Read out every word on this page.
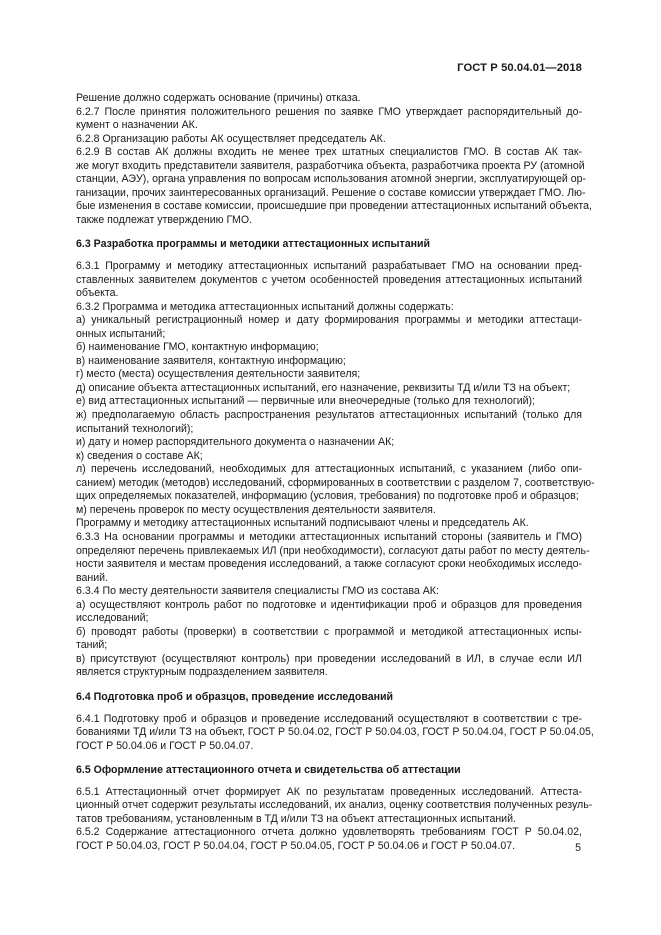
ГОСТ Р 50.04.01—2018
Решение должно содержать основание (причины) отказа.
6.2.7 После принятия положительного решения по заявке ГМО утверждает распорядительный до-
кумент о назначении АК.
6.2.8 Организацию работы АК осуществляет председатель АК.
6.2.9 В состав АК должны входить не менее трех штатных специалистов ГМО. В состав АК так-
же могут входить представители заявителя, разработчика объекта, разработчика проекта РУ (атомной
станции, АЭУ), органа управления по вопросам использования атомной энергии, эксплуатирующей ор-
ганизации, прочих заинтересованных организаций. Решение о составе комиссии утверждает ГМО. Лю-
бые изменения в составе комиссии, происшедшие при проведении аттестационных испытаний объекта,
также подлежат утверждению ГМО.
6.3 Разработка программы и методики аттестационных испытаний
6.3.1 Программу и методику аттестационных испытаний разрабатывает ГМО на основании пред-
ставленных заявителем документов с учетом особенностей проведения аттестационных испытаний
объекта.
6.3.2 Программа и методика аттестационных испытаний должны содержать:
а) уникальный регистрационный номер и дату формирования программы и методики аттестаци-
онных испытаний;
б) наименование ГМО, контактную информацию;
в) наименование заявителя, контактную информацию;
г) место (места) осуществления деятельности заявителя;
д) описание объекта аттестационных испытаний, его назначение, реквизиты ТД и/или ТЗ на объект;
е) вид аттестационных испытаний — первичные или внеочередные (только для технологий);
ж) предполагаемую область распространения результатов аттестационных испытаний (только для
испытаний технологий);
и) дату и номер распорядительного документа о назначении АК;
к) сведения о составе АК;
л) перечень исследований, необходимых для аттестационных испытаний, с указанием (либо опи-
санием) методик (методов) исследований, сформированных в соответствии с разделом 7, соответствую-
щих определяемых показателей, информацию (условия, требования) по подготовке проб и образцов;
м) перечень проверок по месту осуществления деятельности заявителя.
Программу и методику аттестационных испытаний подписывают члены и председатель АК.
6.3.3 На основании программы и методики аттестационных испытаний стороны (заявитель и ГМО)
определяют перечень привлекаемых ИЛ (при необходимости), согласуют даты работ по месту деятель-
ности заявителя и местам проведения исследований, а также согласуют сроки необходимых исследо-
ваний.
6.3.4 По месту деятельности заявителя специалисты ГМО из состава АК:
а) осуществляют контроль работ по подготовке и идентификации проб и образцов для проведения
исследований;
б) проводят работы (проверки) в соответствии с программой и методикой аттестационных испы-
таний;
в) присутствуют (осуществляют контроль) при проведении исследований в ИЛ, в случае если ИЛ
является структурным подразделением заявителя.
6.4 Подготовка проб и образцов, проведение исследований
6.4.1 Подготовку проб и образцов и проведение исследований осуществляют в соответствии с тре-
бованиями ТД и/или ТЗ на объект, ГОСТ Р 50.04.02, ГОСТ Р 50.04.03, ГОСТ Р 50.04.04, ГОСТ Р 50.04.05,
ГОСТ Р 50.04.06 и ГОСТ Р 50.04.07.
6.5 Оформление аттестационного отчета и свидетельства об аттестации
6.5.1 Аттестационный отчет формирует АК по результатам проведенных исследований. Аттеста-
ционный отчет содержит результаты исследований, их анализ, оценку соответствия полученных резуль-
татов требованиям, установленным в ТД и/или ТЗ на объект аттестационных испытаний.
6.5.2 Содержание аттестационного отчета должно удовлетворять требованиям ГОСТ Р 50.04.02,
ГОСТ Р 50.04.03, ГОСТ Р 50.04.04, ГОСТ Р 50.04.05, ГОСТ Р 50.04.06 и ГОСТ Р 50.04.07.	5
